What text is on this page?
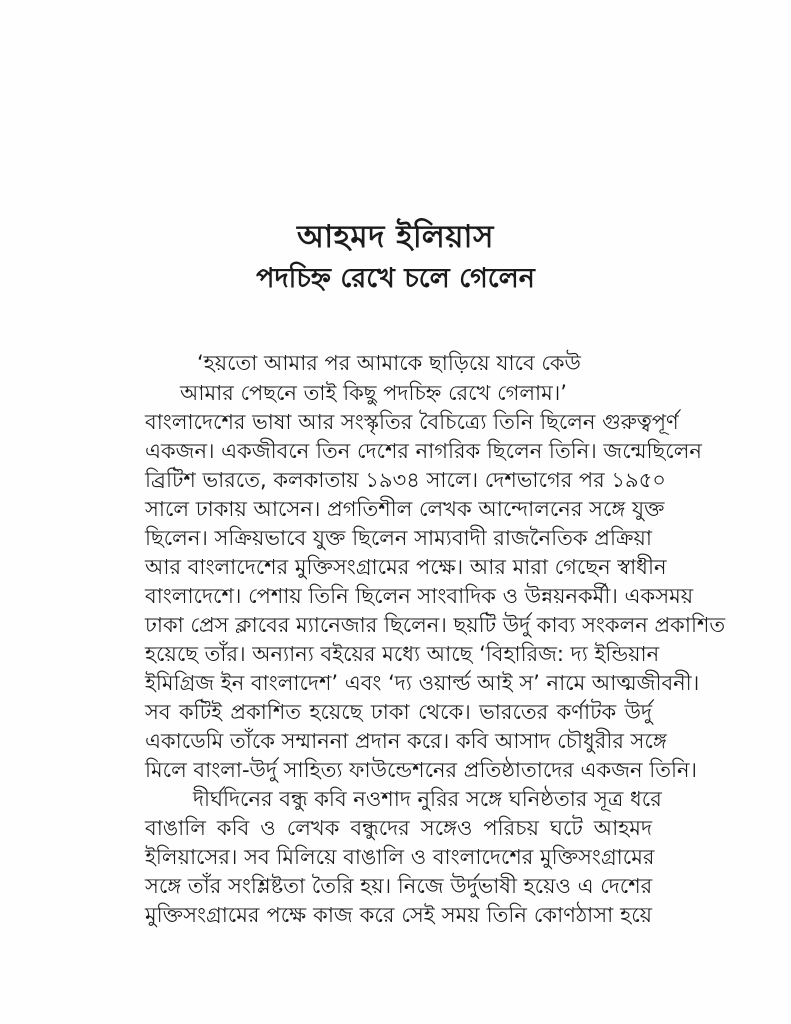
আহমদ ইলিয়াস
পদচিহ্ন রেখে চলে গেলেন
‘হয়তো আমার পর আমাকে ছাড়িয়ে যাবে কেউ
আমার পেছনে তাই কিছু পদচিহ্ন রেখে গেলাম।’
বাংলাদেশের ভাষা আর সংস্কৃতির বৈচিত্র্যে তিনি ছিলেন গুরুত্বপূর্ণ
একজন। একজীবনে তিন দেশের নাগরিক ছিলেন তিনি। জন্মেছিলেন
ব্রিটিশ ভারতে, কলকাতায় ১৯৩৪ সালে। দেশভাগের পর ১৯৫০
সালে ঢাকায় আসেন। প্রগতিশীল লেখক আন্দোলনের সঙ্গে যুক্ত
ছিলেন। সক্রিয়ভাবে যুক্ত ছিলেন সাম্যবাদী রাজনৈতিক প্রক্রিয়া
আর বাংলাদেশের মুক্তিসংগ্রামের পক্ষে। আর মারা গেছেন স্বাধীন
বাংলাদেশে। পেশায় তিনি ছিলেন সাংবাদিক ও উন্নয়নকর্মী। একসময়
ঢাকা প্রেস ক্লাবের ম্যানেজার ছিলেন। ছয়টি উর্দু কাব্য সংকলন প্রকাশিত
হয়েছে তাঁর। অন্যান্য বইয়ের মধ্যে আছে ‘বিহারিজ: দ্য ইন্ডিয়ান
ইমিগ্রিজ ইন বাংলাদেশ’ এবং ‘দ্য ওয়ার্ল্ড আই স’ নামে আত্মজীবনী।
সব কটিই প্রকাশিত হয়েছে ঢাকা থেকে। ভারতের কর্ণাটক উর্দু
একাডেমি তাঁকে সম্মাননা প্রদান করে। কবি আসাদ চৌধুরীর সঙ্গে
মিলে বাংলা-উর্দু সাহিত্য ফাউন্ডেশনের প্রতিষ্ঠাতাদের একজন তিনি।
দীর্ঘদিনের বন্ধু কবি নওশাদ নুরির সঙ্গে ঘনিষ্ঠতার সূত্র ধরে
বাঙালি কবি ও লেখক বন্ধুদের সঙ্গেও পরিচয় ঘটে আহমদ
ইলিয়াসের। সব মিলিয়ে বাঙালি ও বাংলাদেশের মুক্তিসংগ্রামের
সঙ্গে তাঁর সংশ্লিষ্টতা তৈরি হয়। নিজে উর্দুভাষী হয়েও এ দেশের
মুক্তিসংগ্রামের পক্ষে কাজ করে সেই সময় তিনি কোণঠাসা হয়ে
